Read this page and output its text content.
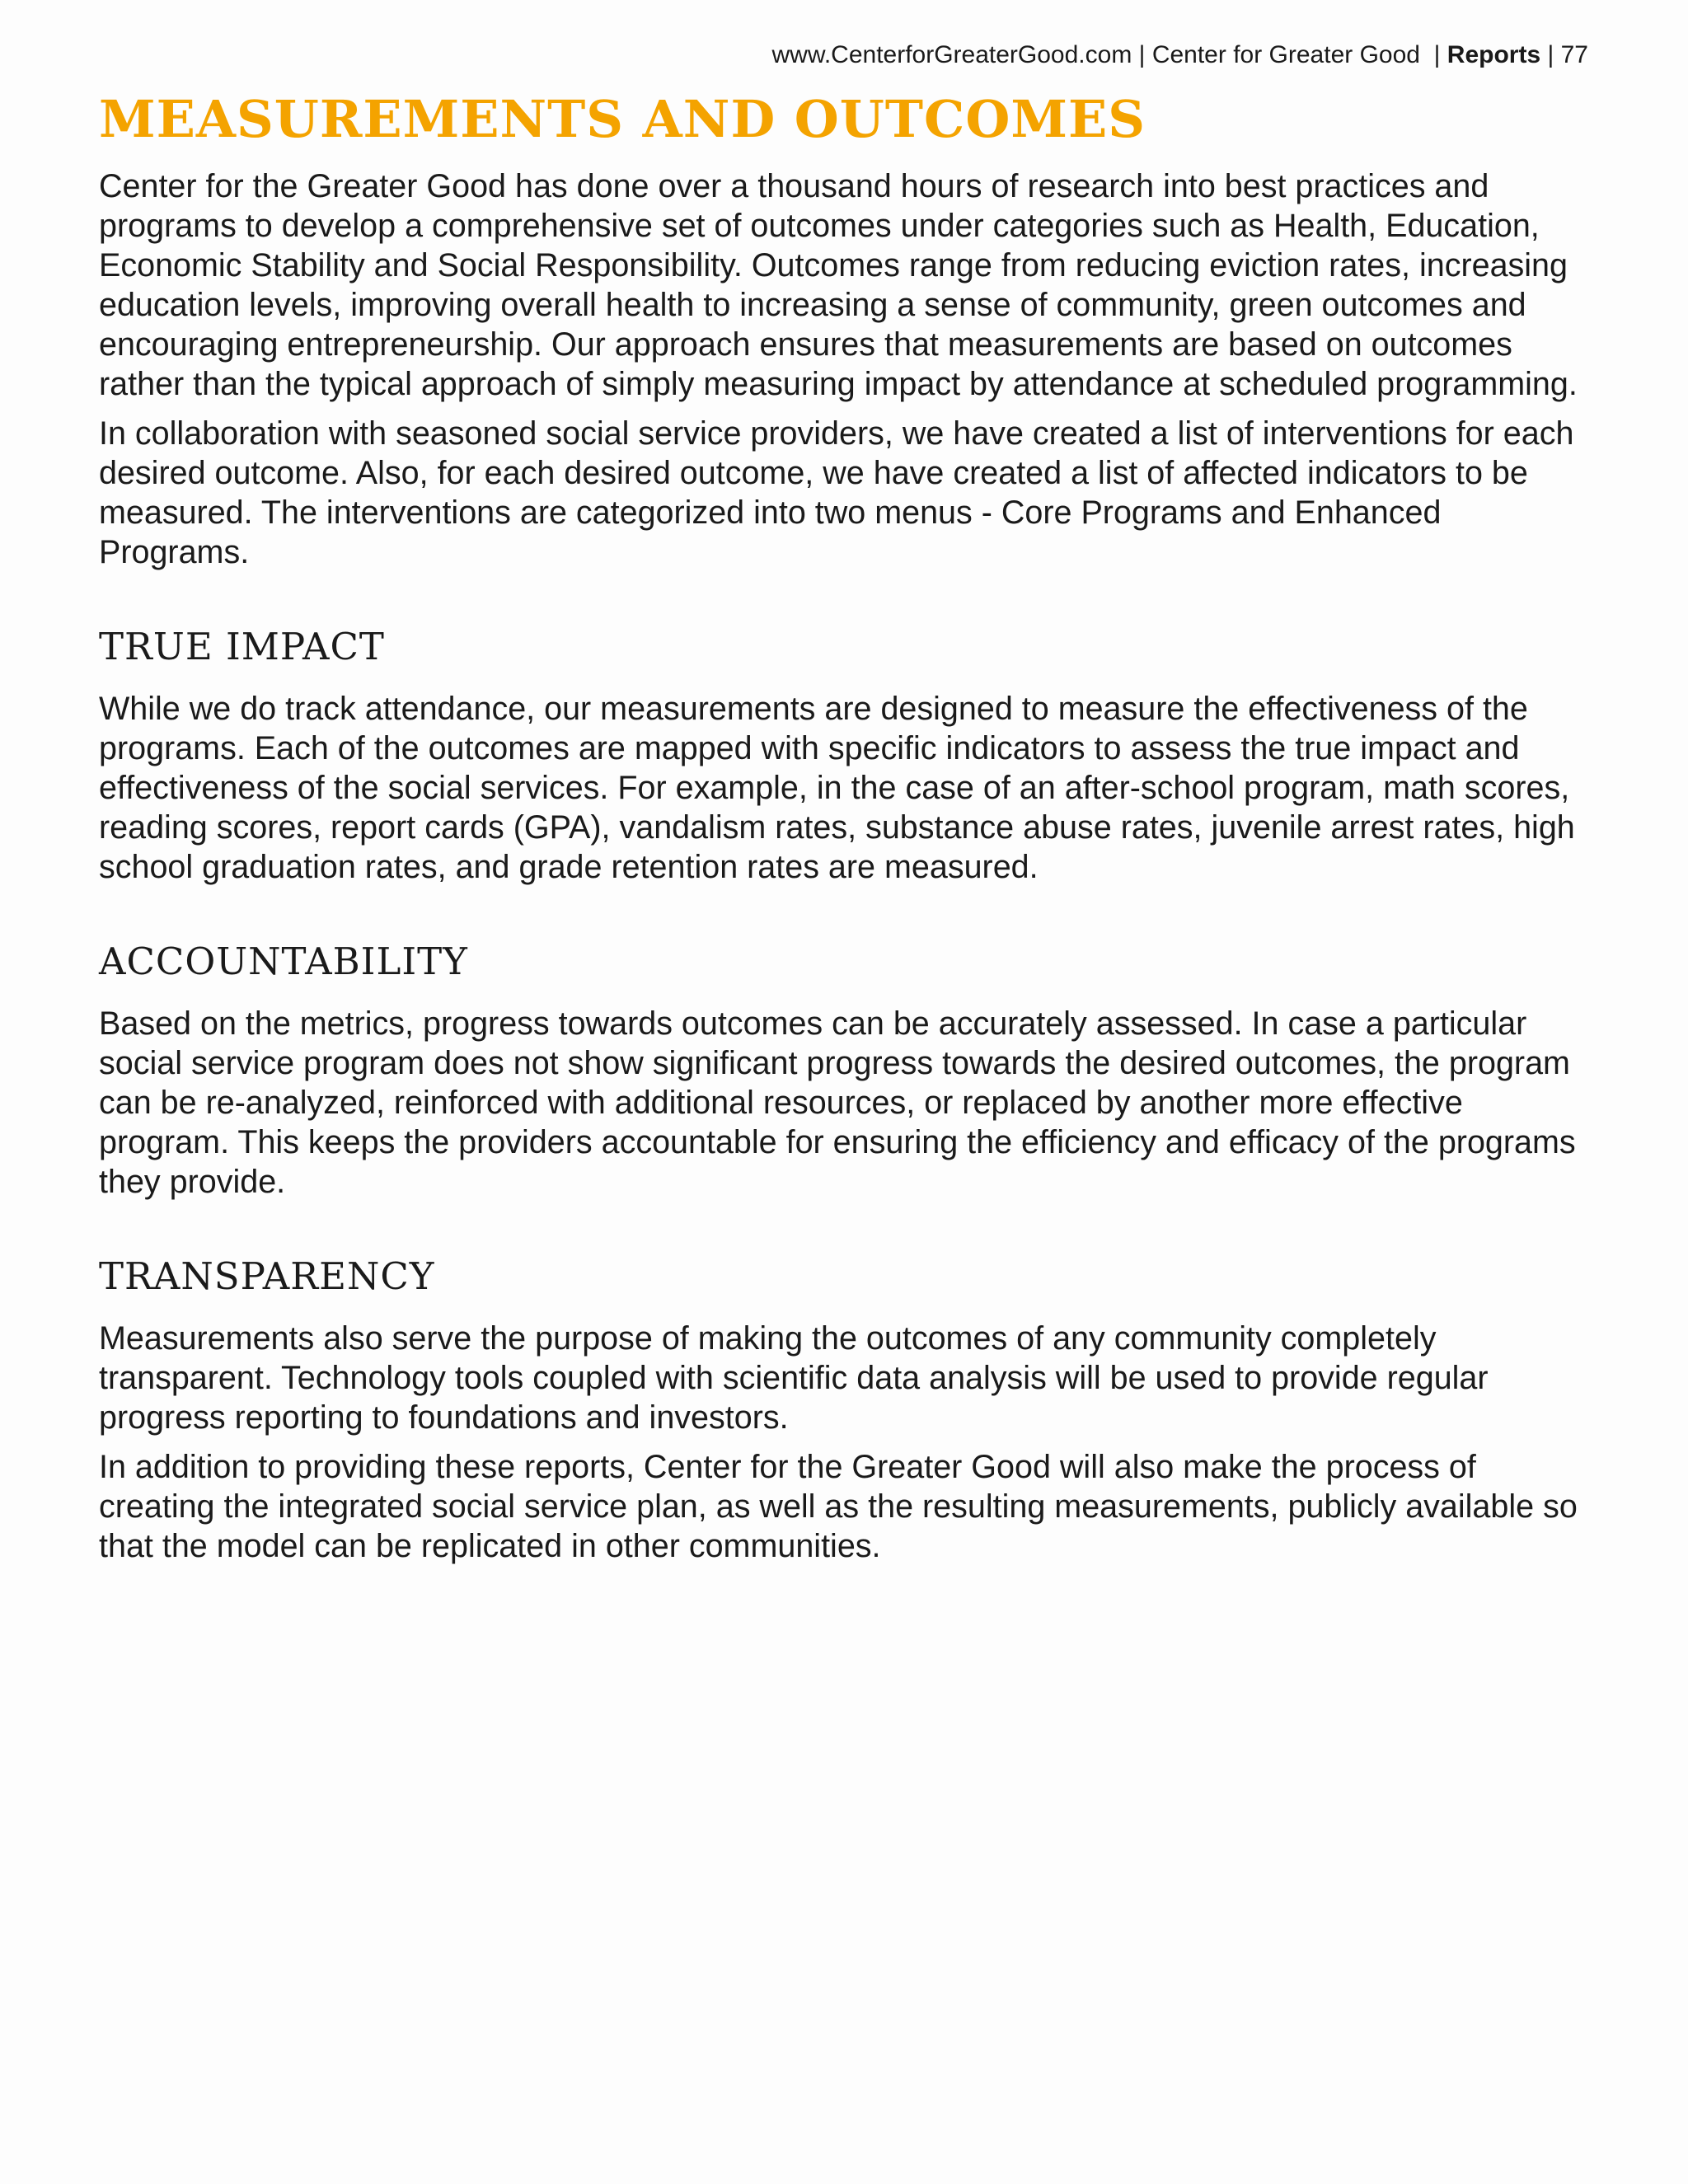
www.CenterforGreaterGood.com | Center for Greater Good | Reports | 77
MEASUREMENTS AND OUTCOMES

Center for the Greater Good has done over a thousand hours of research into best practices and programs to develop a comprehensive set of outcomes under categories such as Health, Education, Economic Stability and Social Responsibility. Outcomes range from reducing eviction rates, increasing education levels, improving overall health to increasing a sense of community, green outcomes and encouraging entrepreneurship. Our approach ensures that measurements are based on outcomes rather than the typical approach of simply measuring impact by attendance at scheduled programming.

In collaboration with seasoned social service providers, we have created a list of interventions for each desired outcome. Also, for each desired outcome, we have created a list of affected indicators to be measured. The interventions are categorized into two menus - Core Programs and Enhanced Programs.

TRUE IMPACT

While we do track attendance, our measurements are designed to measure the effectiveness of the programs. Each of the outcomes are mapped with specific indicators to assess the true impact and effectiveness of the social services. For example, in the case of an after-school program, math scores, reading scores, report cards (GPA), vandalism rates, substance abuse rates, juvenile arrest rates, high school graduation rates, and grade retention rates are measured.

ACCOUNTABILITY

Based on the metrics, progress towards outcomes can be accurately assessed. In case a particular social service program does not show significant progress towards the desired outcomes, the program can be re-analyzed, reinforced with additional resources, or replaced by another more effective program. This keeps the providers accountable for ensuring the efficiency and efficacy of the programs they provide.

TRANSPARENCY

Measurements also serve the purpose of making the outcomes of any community completely transparent. Technology tools coupled with scientific data analysis will be used to provide regular progress reporting to foundations and investors.

In addition to providing these reports, Center for the Greater Good will also make the process of creating the integrated social service plan, as well as the resulting measurements, publicly available so that the model can be replicated in other communities.
